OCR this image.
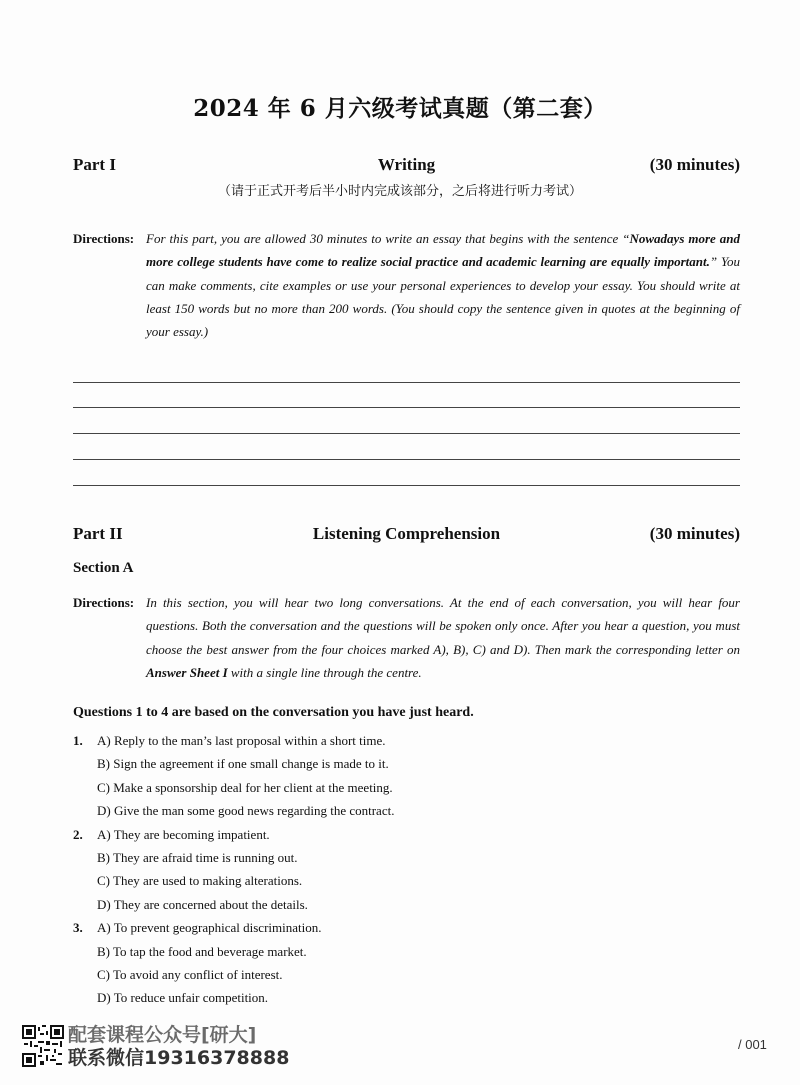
2024 年 6 月六级考试真题（第二套）
Part I	Writing	(30 minutes)
（请于正式开考后半小时内完成该部分，之后将进行听力考试）
Directions: For this part, you are allowed 30 minutes to write an essay that begins with the sentence “Nowadays more and more college students have come to realize social practice and academic learning are equally important.” You can make comments, cite examples or use your personal experiences to develop your essay. You should write at least 150 words but no more than 200 words. (You should copy the sentence given in quotes at the beginning of your essay.)
Part II	Listening Comprehension	(30 minutes)
Section A
Directions: In this section, you will hear two long conversations. At the end of each conversation, you will hear four questions. Both the conversation and the questions will be spoken only once. After you hear a question, you must choose the best answer from the four choices marked A), B), C) and D). Then mark the corresponding letter on Answer Sheet I with a single line through the centre.
Questions 1 to 4 are based on the conversation you have just heard.
1. A) Reply to the man’s last proposal within a short time.
B) Sign the agreement if one small change is made to it.
C) Make a sponsorship deal for her client at the meeting.
D) Give the man some good news regarding the contract.
2. A) They are becoming impatient.
B) They are afraid time is running out.
C) They are used to making alterations.
D) They are concerned about the details.
3. A) To prevent geographical discrimination.
B) To tap the food and beverage market.
C) To avoid any conflict of interest.
D) To reduce unfair competition.
配套课程公众号[研大]
联系微信19316378888
/ 001
